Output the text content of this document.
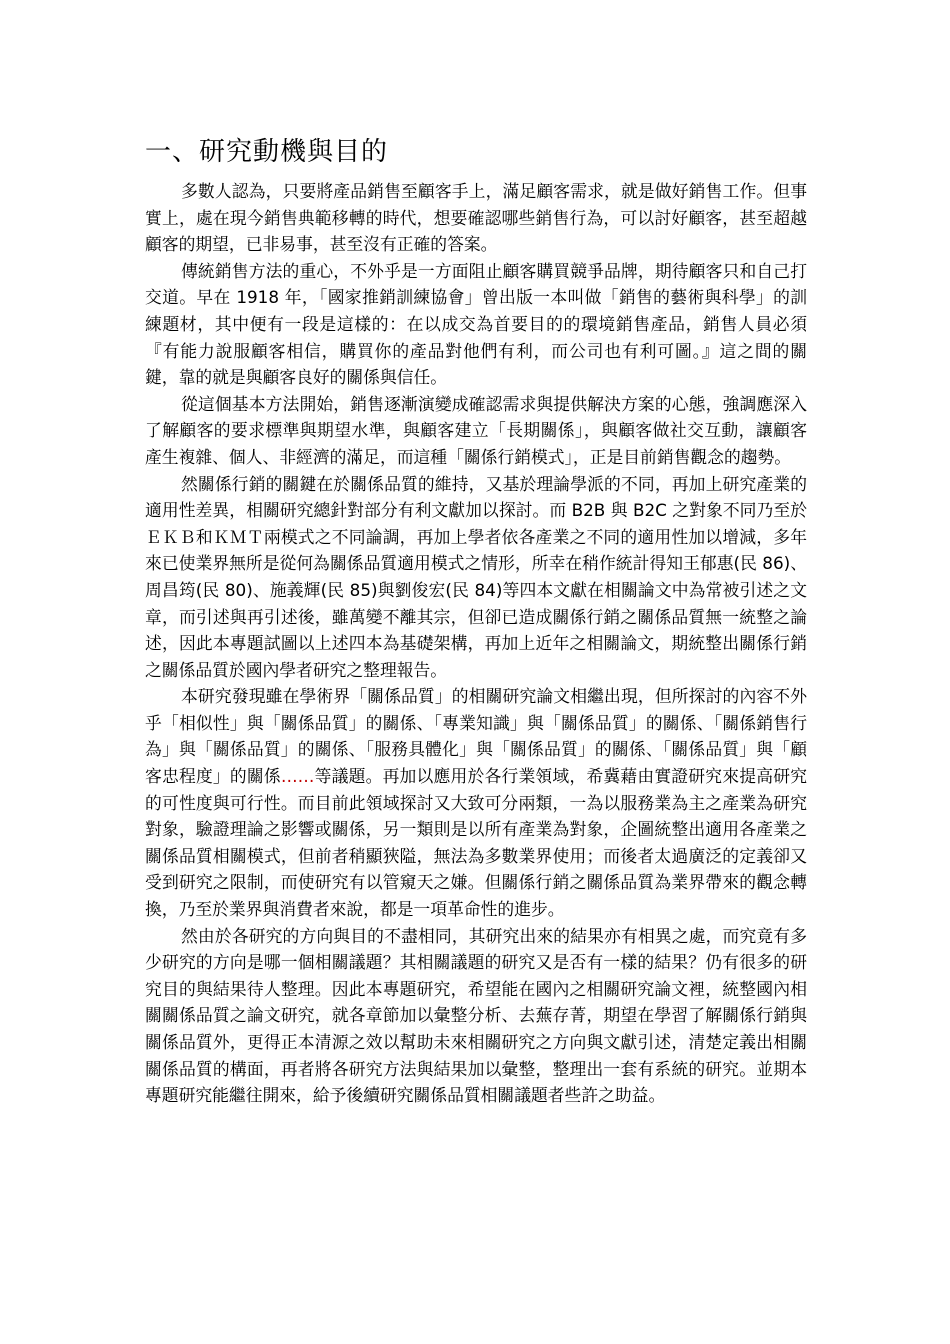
一、研究動機與目的

多數人認為，只要將產品銷售至顧客手上，滿足顧客需求，就是做好銷售工作。但事實上，處在現今銷售典範移轉的時代，想要確認哪些銷售行為，可以討好顧客，甚至超越顧客的期望，已非易事，甚至沒有正確的答案。

傳統銷售方法的重心，不外乎是一方面阻止顧客購買競爭品牌，期待顧客只和自己打交道。早在 1918 年，「國家推銷訓練協會」曾出版一本叫做「銷售的藝術與科學」的訓練題材，其中便有一段是這樣的：在以成交為首要目的的環境銷售產品，銷售人員必須『有能力說服顧客相信，購買你的產品對他們有利，而公司也有利可圖。』這之間的關鍵，靠的就是與顧客良好的關係與信任。

從這個基本方法開始，銷售逐漸演變成確認需求與提供解決方案的心態，強調應深入了解顧客的要求標準與期望水準，與顧客建立「長期關係」，與顧客做社交互動，讓顧客產生複雜、個人、非經濟的滿足，而這種「關係行銷模式」，正是目前銷售觀念的趨勢。

然關係行銷的關鍵在於關係品質的維持，又基於理論學派的不同，再加上研究產業的適用性差異，相關研究總針對部分有利文獻加以探討。而 B2B 與 B2C 之對象不同乃至於ＥＫＢ和ＫＭＴ兩模式之不同論調，再加上學者依各產業之不同的適用性加以增減，多年來已使業界無所是從何為關係品質適用模式之情形，所幸在稍作統計得知王郁惠(民 86)、周昌筠(民 80)、施義輝(民 85)與劉俊宏(民 84)等四本文獻在相關論文中為常被引述之文章，而引述與再引述後，雖萬變不離其宗，但卻已造成關係行銷之關係品質無一統整之論述，因此本專題試圖以上述四本為基礎架構，再加上近年之相關論文，期統整出關係行銷之關係品質於國內學者研究之整理報告。

本研究發現雖在學術界「關係品質」的相關研究論文相繼出現，但所探討的內容不外乎「相似性」與「關係品質」的關係、「專業知識」與「關係品質」的關係、「關係銷售行為」與「關係品質」的關係、「服務具體化」與「關係品質」的關係、「關係品質」與「顧客忠程度」的關係……等議題。再加以應用於各行業領域，希冀藉由實證研究來提高研究的可性度與可行性。而目前此領域探討又大致可分兩類，一為以服務業為主之產業為研究對象，驗證理論之影響或關係，另一類則是以所有產業為對象，企圖統整出適用各產業之關係品質相關模式，但前者稍顯狹隘，無法為多數業界使用；而後者太過廣泛的定義卻又受到研究之限制，而使研究有以管窺天之嫌。但關係行銷之關係品質為業界帶來的觀念轉換，乃至於業界與消費者來說，都是一項革命性的進步。

然由於各研究的方向與目的不盡相同，其研究出來的結果亦有相異之處，而究竟有多少研究的方向是哪一個相關議題？其相關議題的研究又是否有一樣的結果？仍有很多的研究目的與結果待人整理。因此本專題研究，希望能在國內之相關研究論文裡，統整國內相關關係品質之論文研究，就各章節加以彙整分析、去蕪存菁，期望在學習了解關係行銷與關係品質外，更得正本清源之效以幫助未來相關研究之方向與文獻引述，清楚定義出相關關係品質的構面，再者將各研究方法與結果加以彙整，整理出一套有系統的研究。並期本專題研究能繼往開來，給予後續研究關係品質相關議題者些許之助益。
